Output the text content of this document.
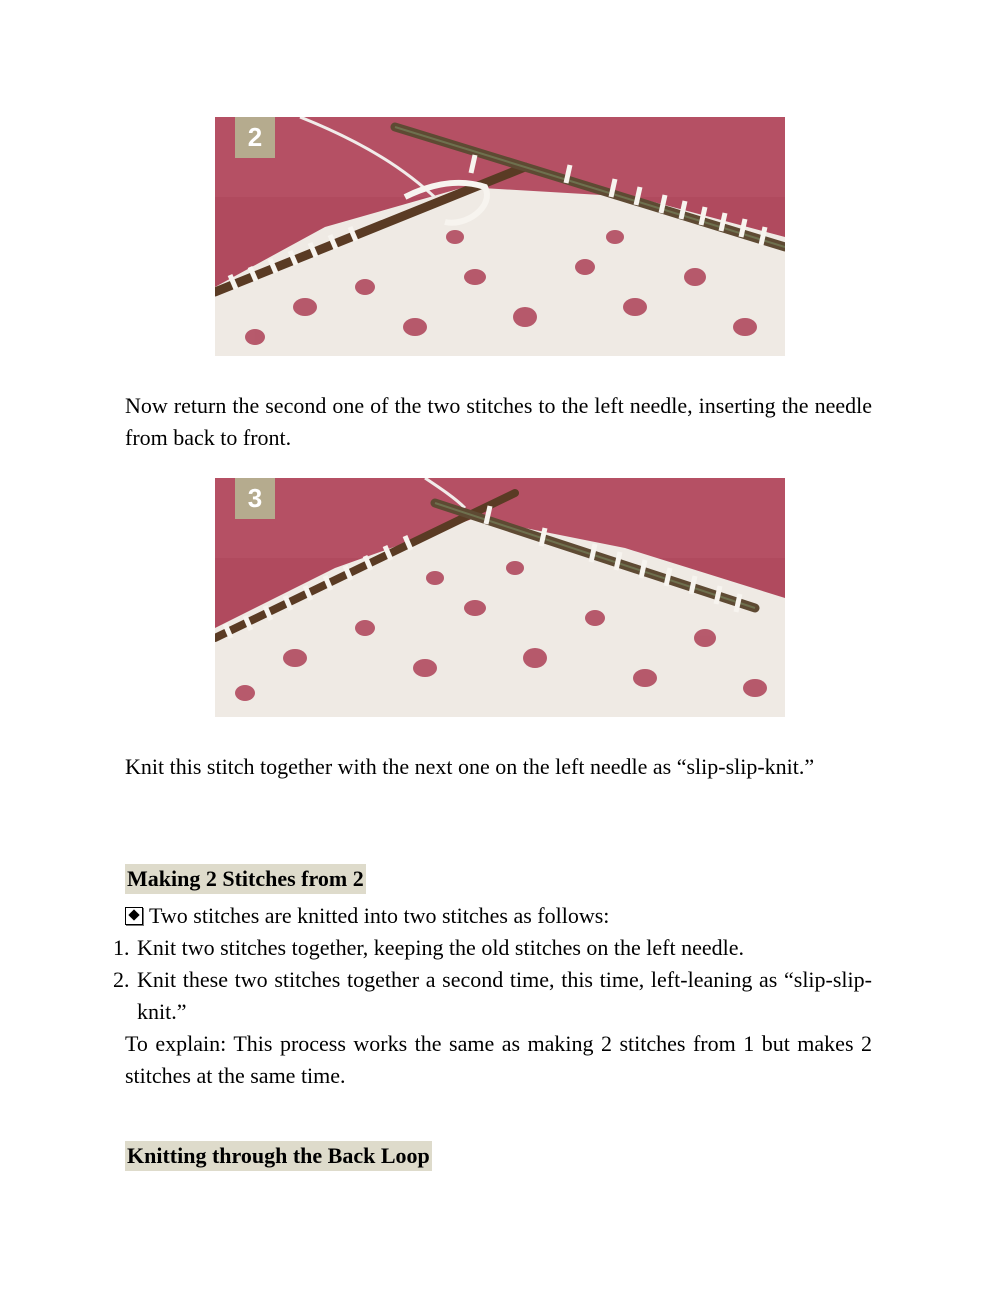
2

Now return the second one of the two stitches to the left needle, inserting the needle from back to front.

3

Knit this stitch together with the next one on the left needle as “slip-slip-knit.”

Making 2 Stitches from 2
Two stitches are knitted into two stitches as follows:
1. Knit two stitches together, keeping the old stitches on the left needle.
2. Knit these two stitches together a second time, this time, left-leaning as “slip-slip-knit.”

To explain: This process works the same as making 2 stitches from 1 but makes 2 stitches at the same time.

Knitting through the Back Loop
